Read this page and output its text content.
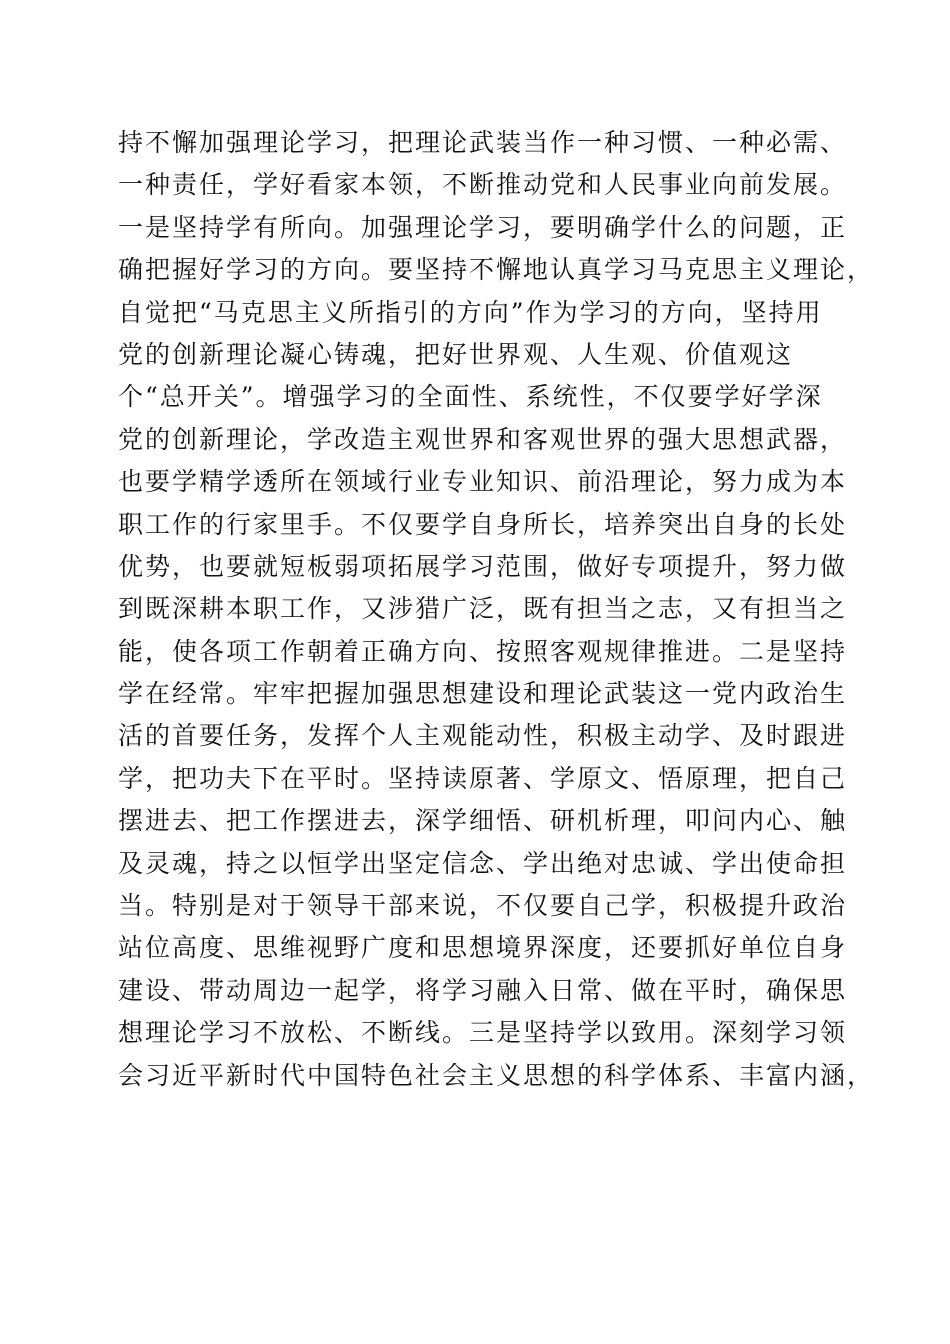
持不懈加强理论学习，把理论武装当作一种习惯、一种必需、
一种责任，学好看家本领，不断推动党和人民事业向前发展。
一是坚持学有所向。加强理论学习，要明确学什么的问题，正
确把握好学习的方向。要坚持不懈地认真学习马克思主义理论，
自觉把“马克思主义所指引的方向”作为学习的方向，坚持用
党的创新理论凝心铸魂，把好世界观、人生观、价值观这
个“总开关”。增强学习的全面性、系统性，不仅要学好学深
党的创新理论，学改造主观世界和客观世界的强大思想武器，
也要学精学透所在领域行业专业知识、前沿理论，努力成为本
职工作的行家里手。不仅要学自身所长，培养突出自身的长处
优势，也要就短板弱项拓展学习范围，做好专项提升，努力做
到既深耕本职工作，又涉猎广泛，既有担当之志，又有担当之
能，使各项工作朝着正确方向、按照客观规律推进。二是坚持
学在经常。牢牢把握加强思想建设和理论武装这一党内政治生
活的首要任务，发挥个人主观能动性，积极主动学、及时跟进
学，把功夫下在平时。坚持读原著、学原文、悟原理，把自己
摆进去、把工作摆进去，深学细悟、研机析理，叩问内心、触
及灵魂，持之以恒学出坚定信念、学出绝对忠诚、学出使命担
当。特别是对于领导干部来说，不仅要自己学，积极提升政治
站位高度、思维视野广度和思想境界深度，还要抓好单位自身
建设、带动周边一起学，将学习融入日常、做在平时，确保思
想理论学习不放松、不断线。三是坚持学以致用。深刻学习领
会习近平新时代中国特色社会主义思想的科学体系、丰富内涵，
